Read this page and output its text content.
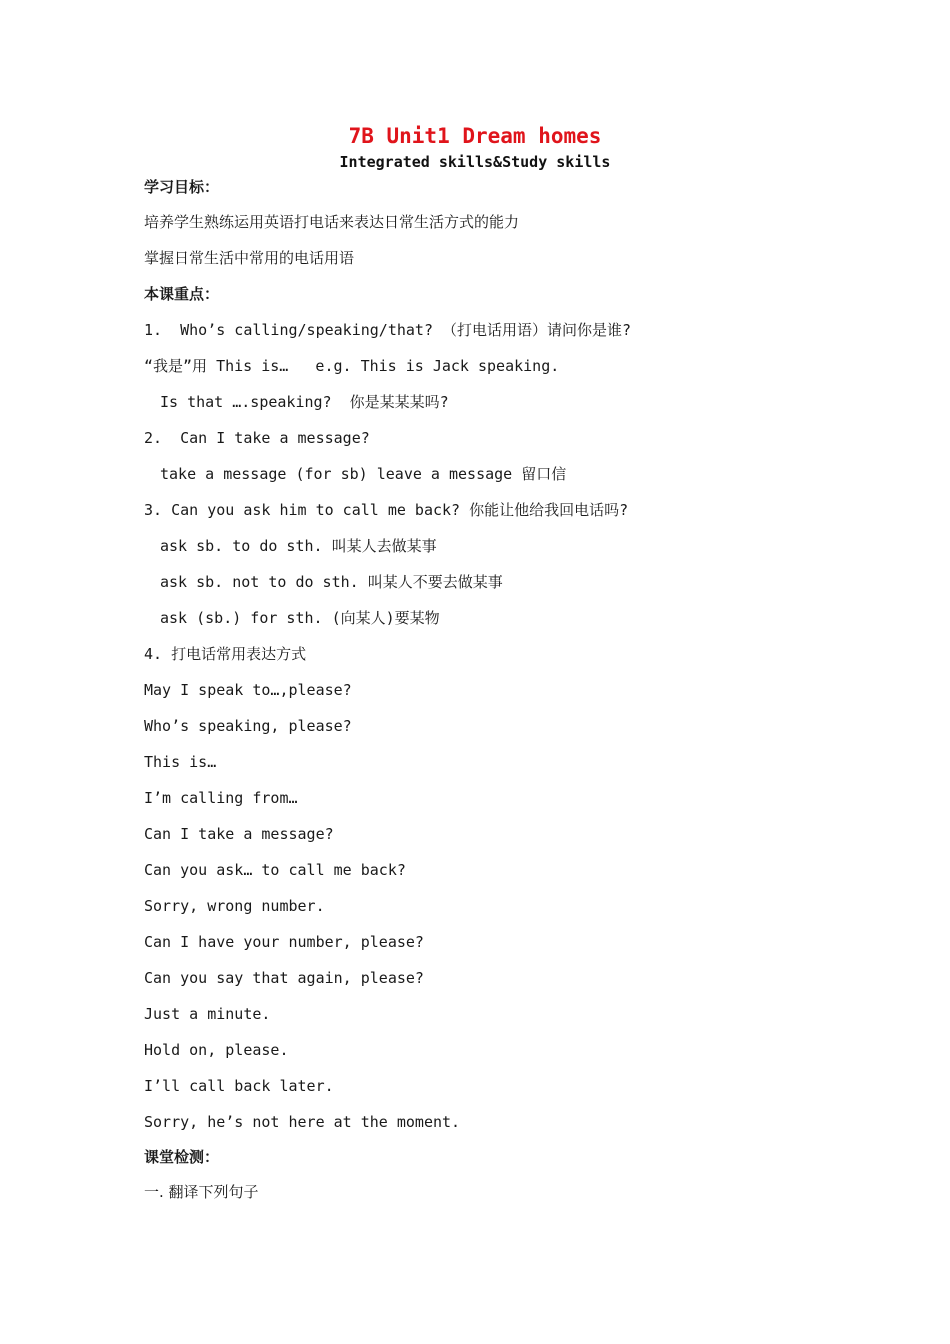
7B Unit1 Dream homes
Integrated skills&Study skills
学习目标：
培养学生熟练运用英语打电话来表达日常生活方式的能力
掌握日常生活中常用的电话用语
本课重点：
1.  Who’s calling/speaking/that? （打电话用语）请问你是谁?
“我是”用 This is…   e.g. This is Jack speaking.
Is that ….speaking?  你是某某某吗?
2.  Can I take a message?
take a message (for sb) leave a message 留口信
3. Can you ask him to call me back? 你能让他给我回电话吗?
ask sb. to do sth. 叫某人去做某事
ask sb. not to do sth. 叫某人不要去做某事
ask (sb.) for sth. (向某人)要某物
4. 打电话常用表达方式
May I speak to…,please?
Who’s speaking, please?
This is…
I’m calling from…
Can I take a message?
Can you ask… to call me back?
Sorry, wrong number.
Can I have your number, please?
Can you say that again, please?
Just a minute.
Hold on, please.
I’ll call back later.
Sorry, he’s not here at the moment.
课堂检测：
一. 翻译下列句子
